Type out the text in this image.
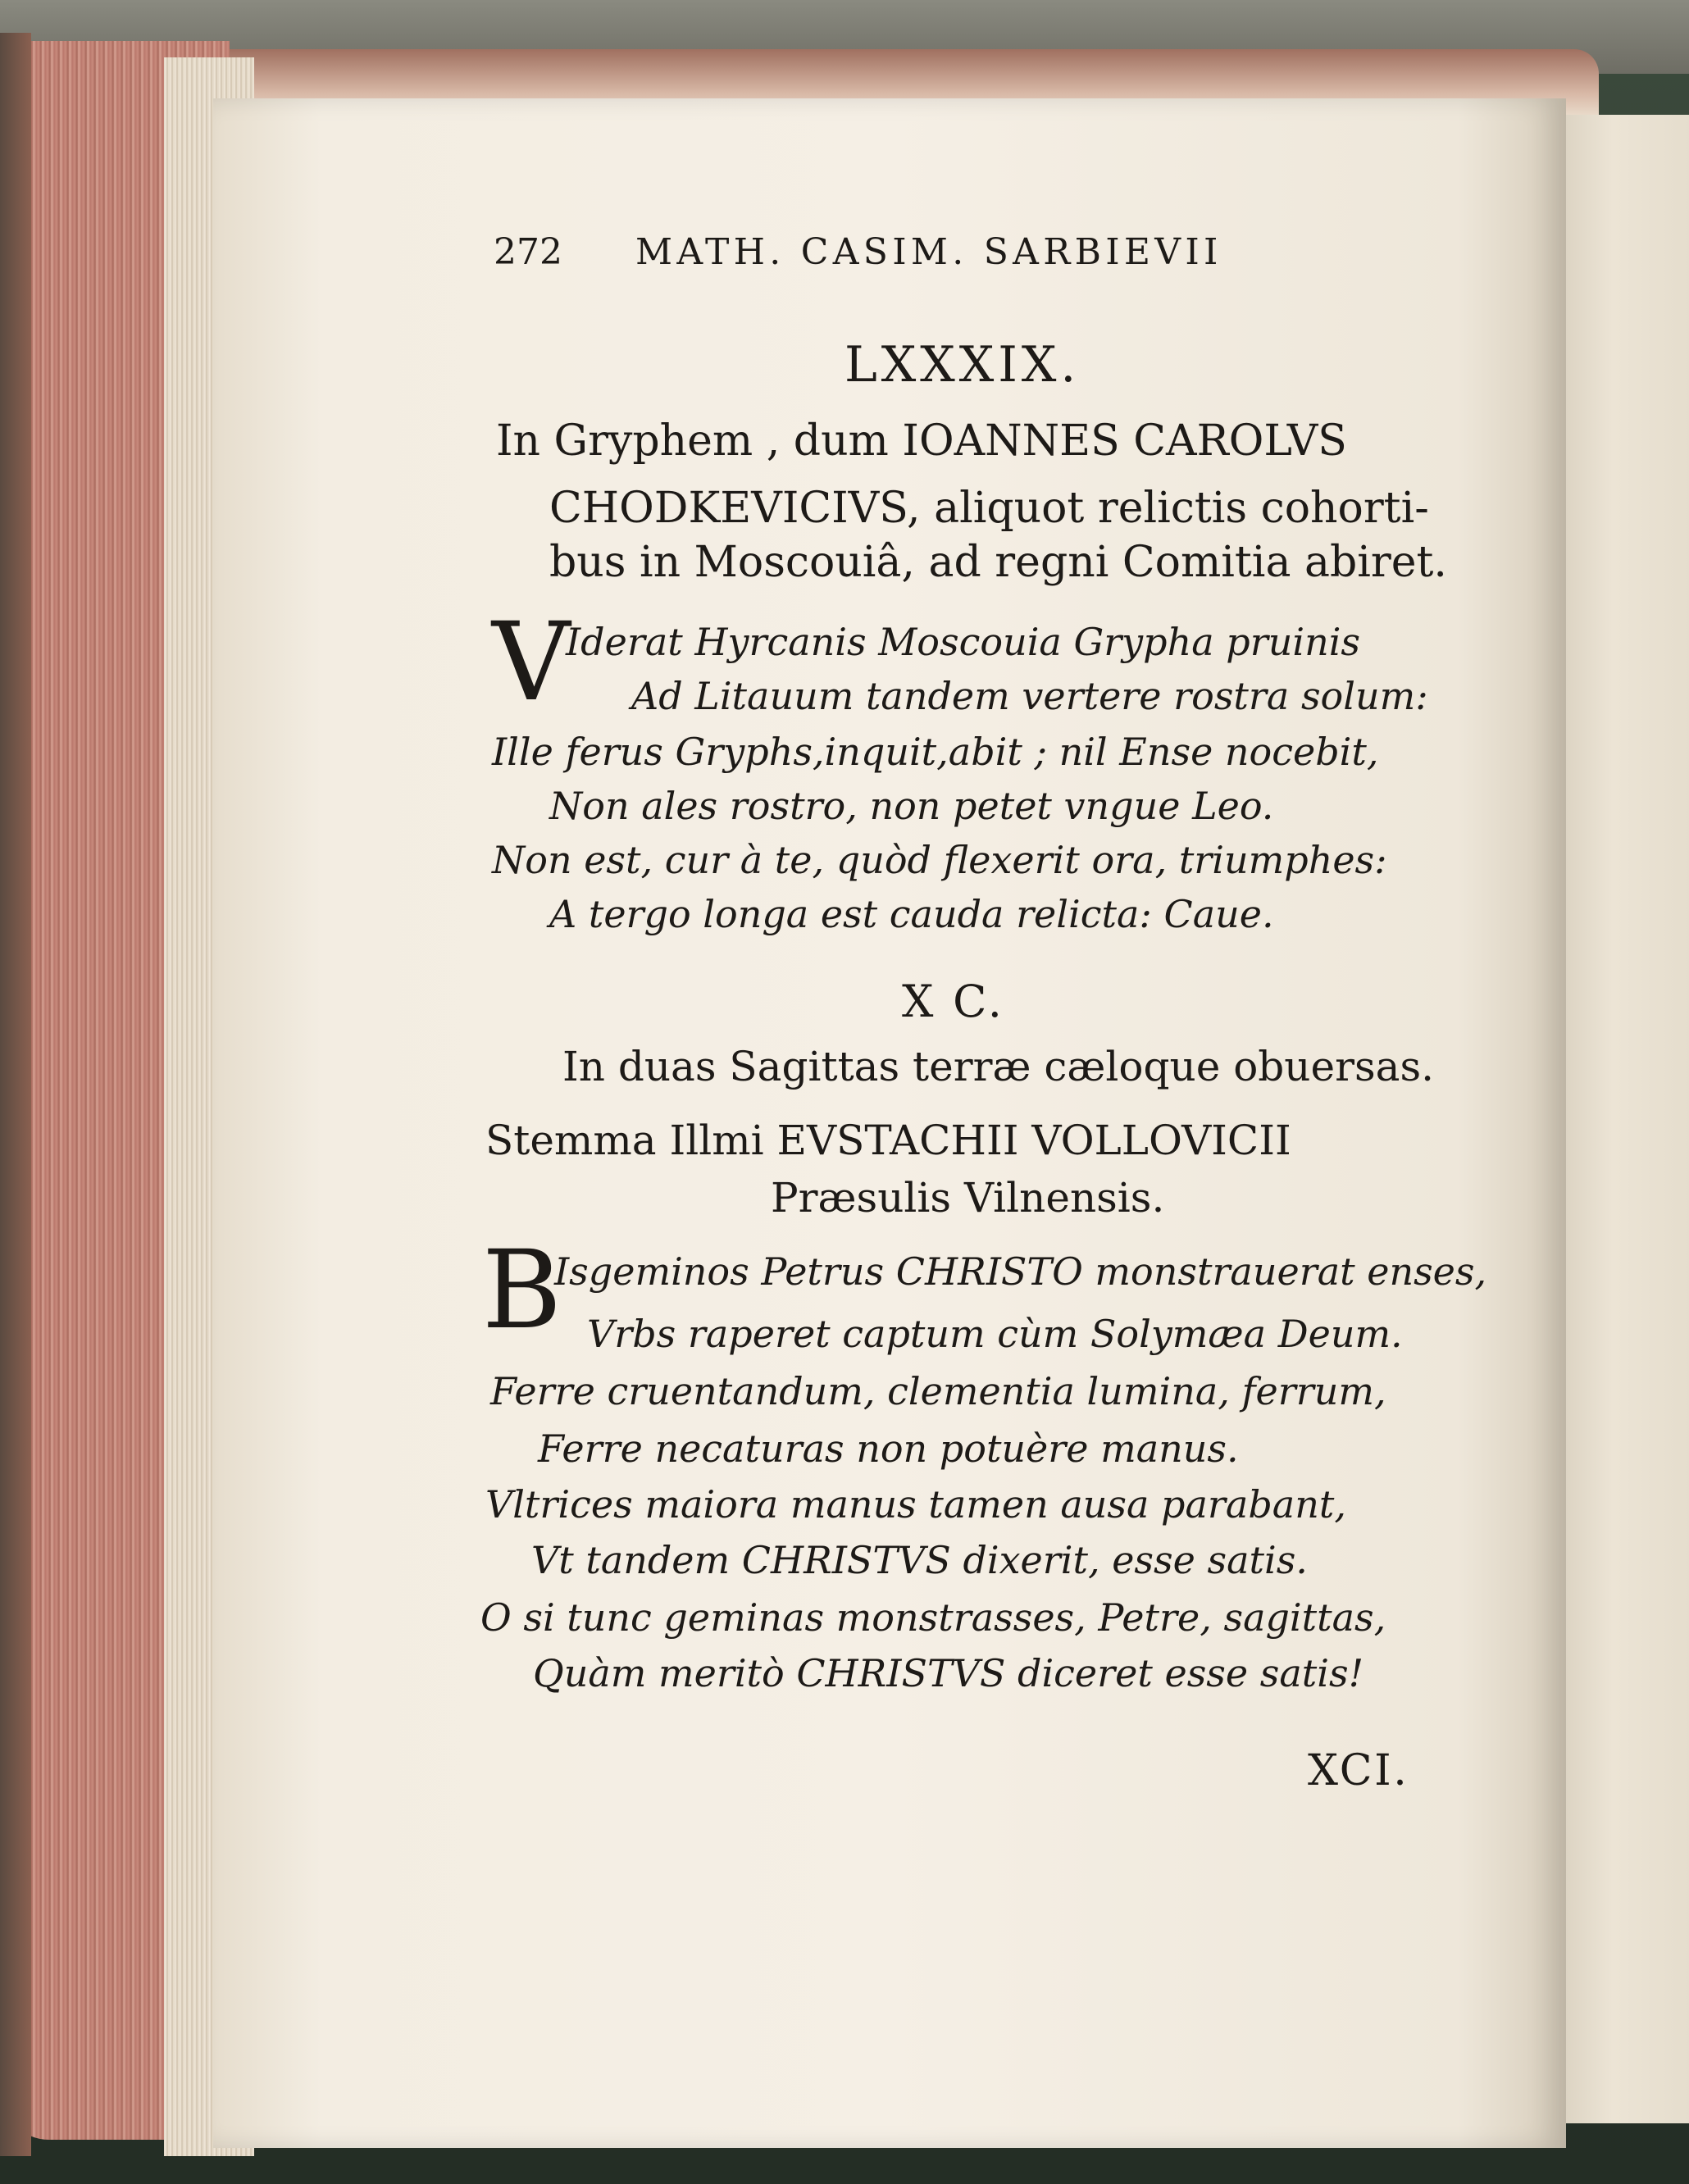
272 MATH. CASIM. SARBIEVII
LXXXIX.
In Gryphem , dum IOANNES CAROLVS
CHODKEVICIVS, aliquot relictis cohorti-
bus in Moscouiâ, ad regni Comitia abiret.
V
Iderat Hyrcanis Moscouia Grypha pruinis
Ad Litauum tandem vertere rostra solum:
Ille ferus Gryphs,inquit,abit ; nil Ense nocebit,
Non ales rostro, non petet vngue Leo.
Non est, cur à te, quòd flexerit ora, triumphes:
A tergo longa est cauda relicta: Caue.
X C.
In duas Sagittas terræ cæloque obuersas.
Stemma Illmi EVSTACHII VOLLOVICII
Præsulis Vilnensis.
B
Isgeminos Petrus CHRISTO monstrauerat enses,
Vrbs raperet captum cùm Solymæa Deum.
Ferre cruentandum, clementia lumina, ferrum,
Ferre necaturas non potuère manus.
Vltrices maiora manus tamen ausa parabant,
Vt tandem CHRISTVS dixerit, esse satis.
O si tunc geminas monstrasses, Petre, sagittas,
Quàm meritò CHRISTVS diceret esse satis!
XCI.
